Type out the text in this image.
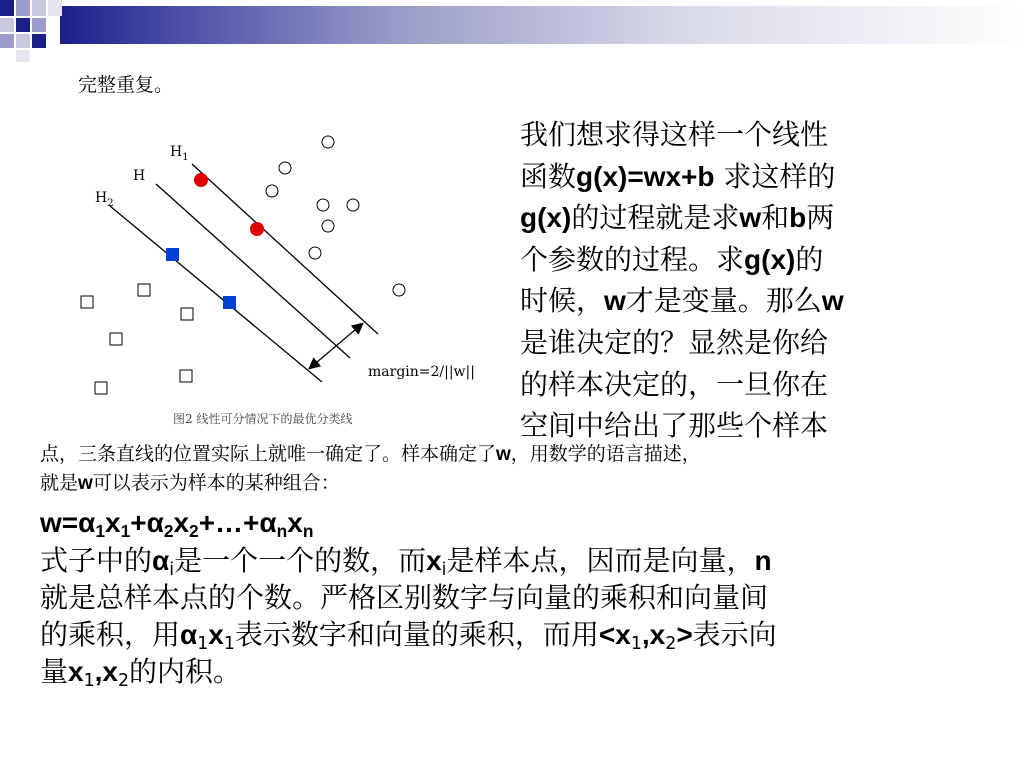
完整重复。
$H_1$
H
$H_2$
margin=2/||w||
图2 线性可分情况下的最优分类线
我们想求得这样一个线性
函数g(x)=wx+b 求这样的
g(x)的过程就是求w和b两
个参数的过程。求g(x)的
时候，w才是变量。那么w
是谁决定的？显然是你给
的样本决定的，一旦你在
空间中给出了那些个样本
点，三条直线的位置实际上就唯一确定了。样本确定了w，用数学的语言描述，
就是w可以表示为样本的某种组合：
$w=\alpha_1x_1+\alpha_2x_2+\dots+\alpha_nx_n$
式子中的$\alpha_i$是一个一个的数，而$x_i$是样本点，因而是向量，n
就是总样本点的个数。严格区别数字与向量的乘积和向量间
的乘积，用$\alpha_1x_1$表示数字和向量的乘积，而用$<x_1,x_2>$表示向
量$x_1,x_2$的内积。
